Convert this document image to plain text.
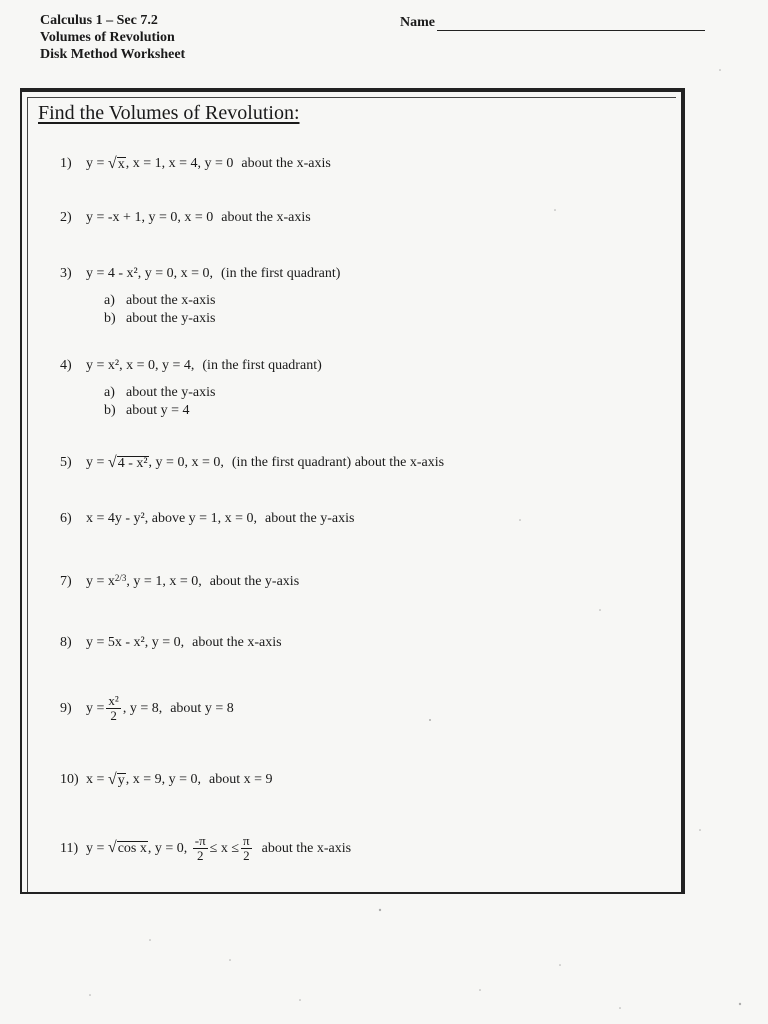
Calculus 1 – Sec 7.2
Volumes of Revolution
Disk Method Worksheet
Name
Find the Volumes of Revolution:
1)	y =
√ x , x = 1, x = 4, y = 0 about the x-axis
2)	y = -x + 1, y = 0, x = 0 about the x-axis
3)	y = 4 - x², y = 0, x = 0, (in the first quadrant)
a) about the x-axis
b) about the y-axis
4)	y = x², x = 0, y = 4, (in the first quadrant)
a) about the y-axis
b) about y = 4
5)	y =
√ 4 - x² , y = 0, x = 0, (in the first quadrant) about the x-axis
6)	x = 4y - y², above y = 1, x = 0, about the y-axis
7)	$y = x^{2/3}$ , y = 1, x = 0, about the y-axis
8)	y = 5x - x², y = 0, about the x-axis
9)	$y = \frac{\text{x²}}{2}$ , y = 8, about y = 8
10) x =
√ y , x = 9, y = 0, about x = 9
11) y =
√ cos x , y = 0,
$\frac{-\pi}{2} \le x \le \frac{\pi}{2}$ about the x-axis
